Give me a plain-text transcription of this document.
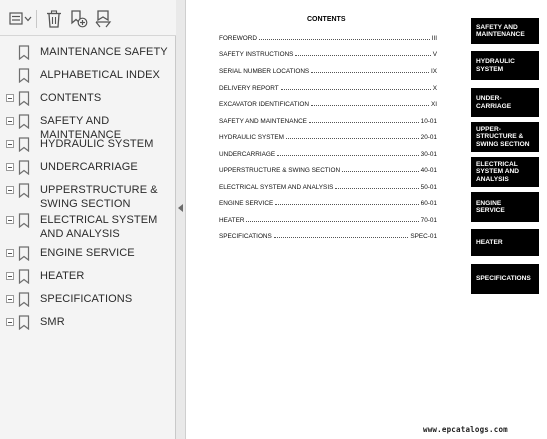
MAINTENANCE SAFETY
ALPHABETICAL INDEX
CONTENTS
SAFETY AND MAINTENANCE
HYDRAULIC SYSTEM
UNDERCARRIAGE
UPPERSTRUCTURE & SWING SECTION
ELECTRICAL SYSTEM AND ANALYSIS
ENGINE SERVICE
HEATER
SPECIFICATIONS
SMR
CONTENTS
FOREWORD	III
SAFETY INSTRUCTIONS	V
SERIAL NUMBER LOCATIONS	IX
DELIVERY REPORT	X
EXCAVATOR IDENTIFICATION	XI
SAFETY AND MAINTENANCE	10-01
HYDRAULIC SYSTEM	20-01
UNDERCARRIAGE	30-01
UPPERSTRUCTURE & SWING SECTION	40-01
ELECTRICAL SYSTEM AND ANALYSIS	50-01
ENGINE SERVICE	60-01
HEATER	70-01
SPECIFICATIONS	SPEC-01
SAFETY AND
MAINTENANCE
HYDRAULIC
SYSTEM
UNDER-
CARRIAGE
UPPER-
STRUCTURE &
SWING SECTION
ELECTRICAL
SYSTEM AND
ANALYSIS
ENGINE
SERVICE
HEATER
SPECIFICATIONS
www.epcatalogs.com
